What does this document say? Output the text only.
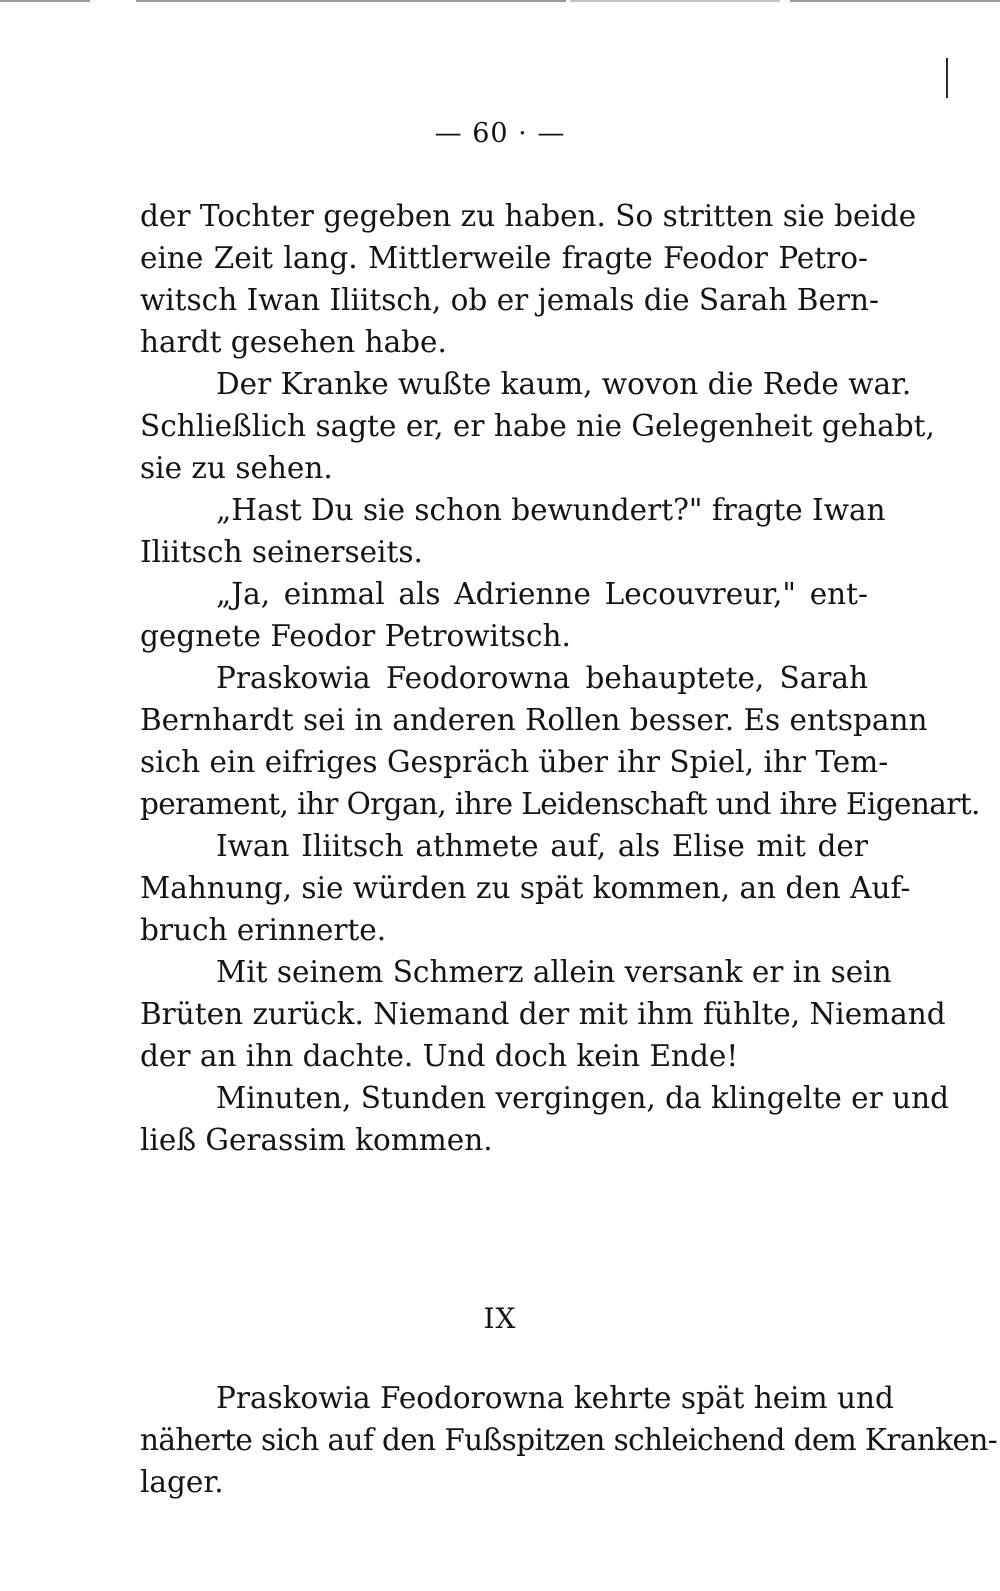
— 60 · —
der Tochter gegeben zu haben. So stritten sie beide
eine Zeit lang. Mittlerweile fragte Feodor Petro-
witsch Iwan Iliitsch, ob er jemals die Sarah Bern-
hardt gesehen habe.
Der Kranke wußte kaum, wovon die Rede war.
Schließlich sagte er, er habe nie Gelegenheit gehabt,
sie zu sehen.
„Hast Du sie schon bewundert?" fragte Iwan
Iliitsch seinerseits.
„Ja, einmal als Adrienne Lecouvreur," ent-
gegnete Feodor Petrowitsch.
Praskowia Feodorowna behauptete, Sarah
Bernhardt sei in anderen Rollen besser. Es entspann
sich ein eifriges Gespräch über ihr Spiel, ihr Tem-
perament, ihr Organ, ihre Leidenschaft und ihre Eigenart.
Iwan Iliitsch athmete auf, als Elise mit der
Mahnung, sie würden zu spät kommen, an den Auf-
bruch erinnerte.
Mit seinem Schmerz allein versank er in sein
Brüten zurück. Niemand der mit ihm fühlte, Niemand
der an ihn dachte. Und doch kein Ende!
Minuten, Stunden vergingen, da klingelte er und
ließ Gerassim kommen.
IX
Praskowia Feodorowna kehrte spät heim und
näherte sich auf den Fußspitzen schleichend dem Kranken-
lager.
